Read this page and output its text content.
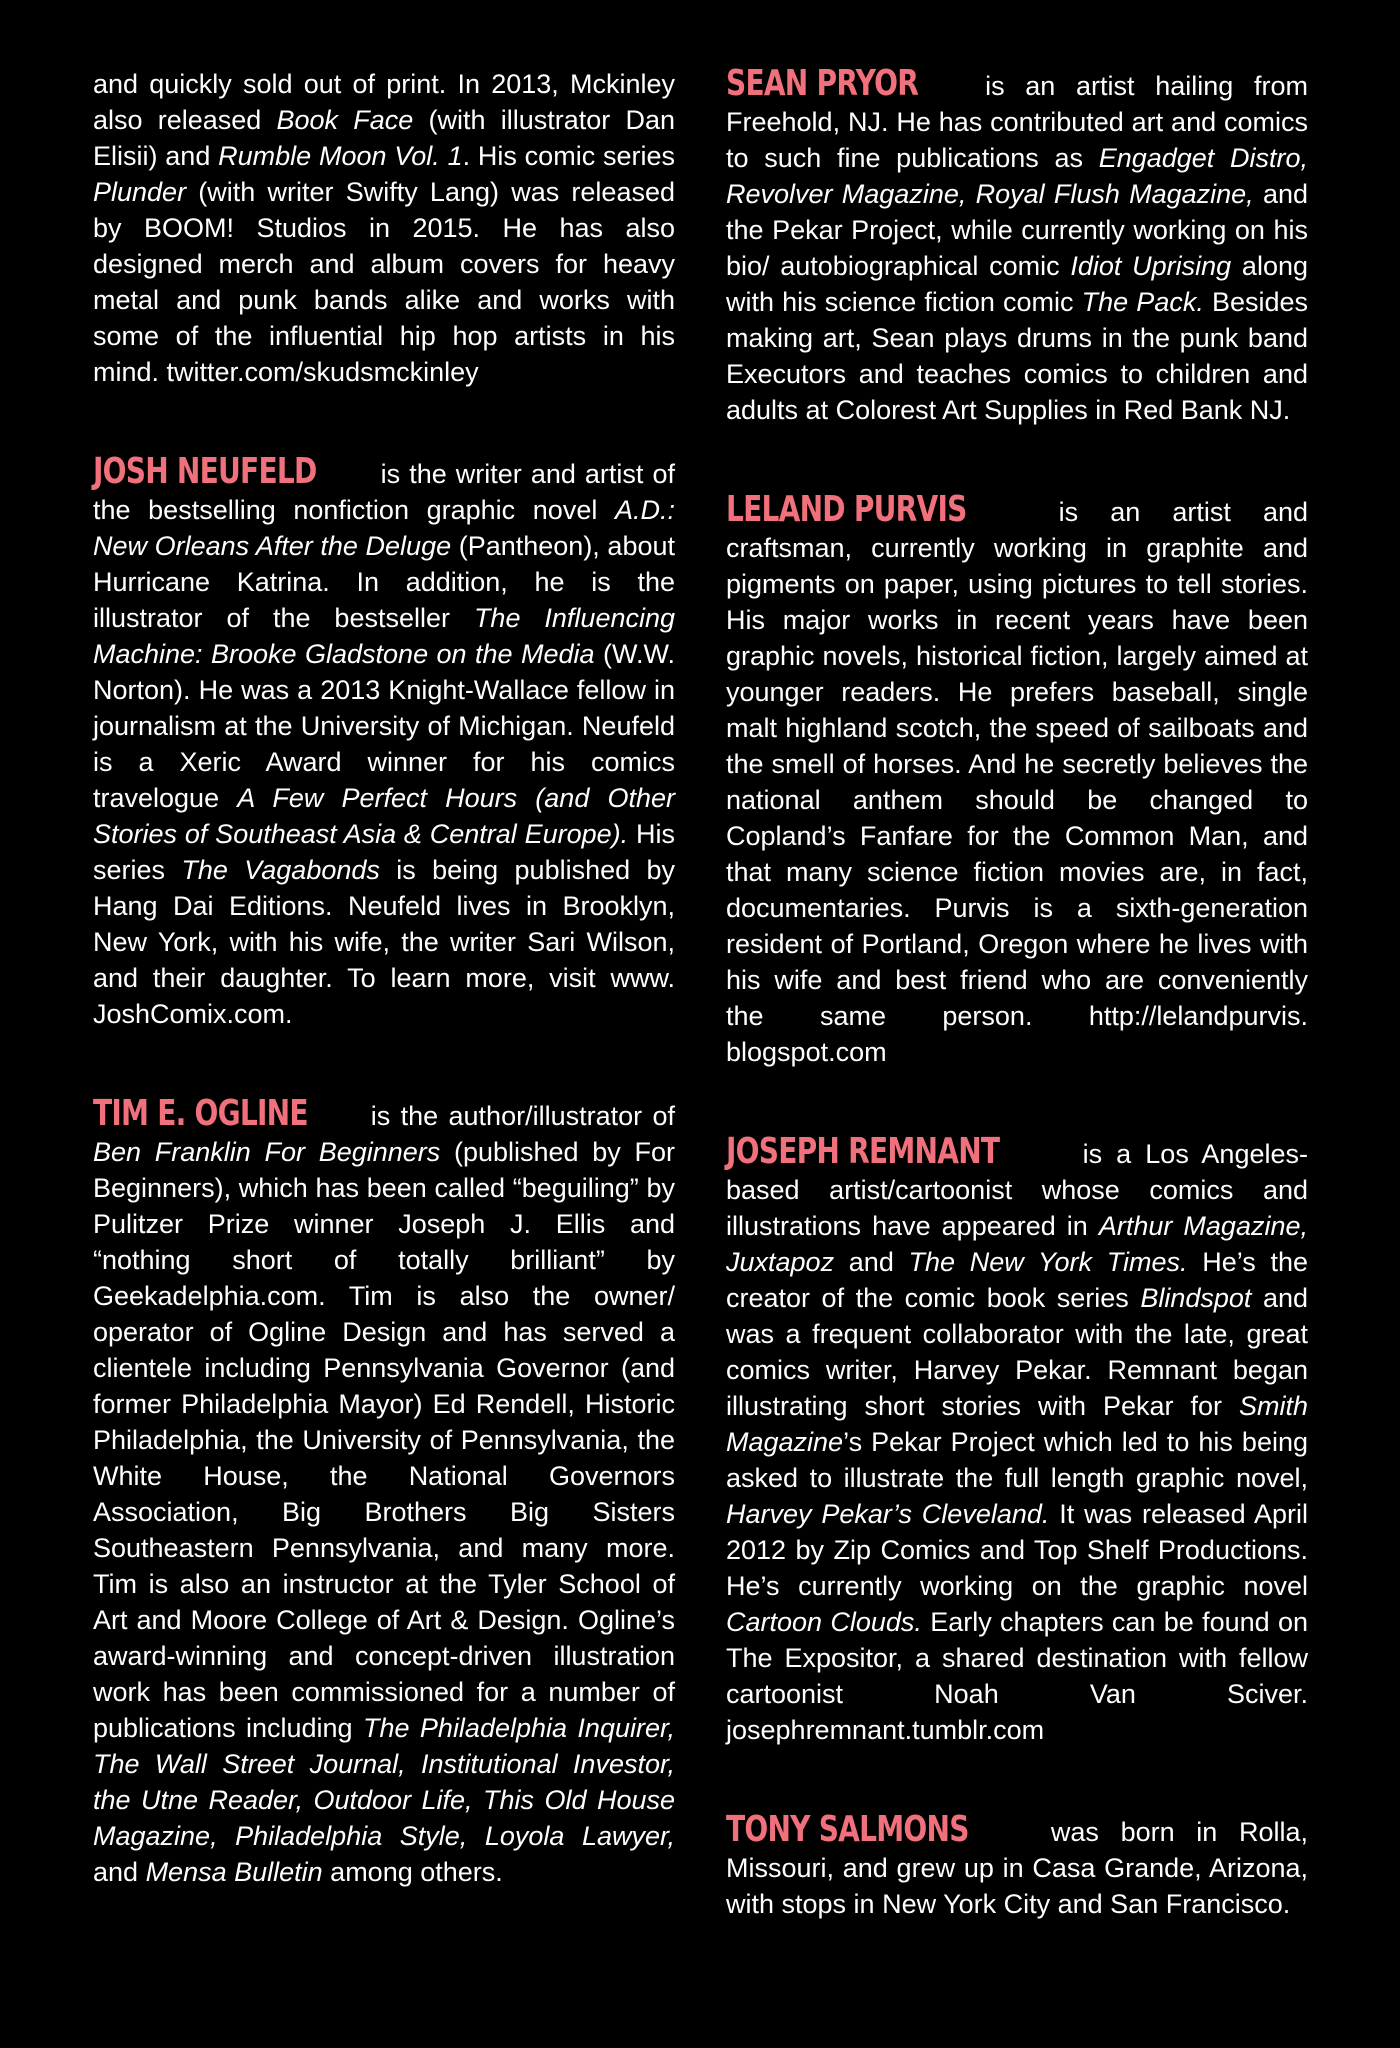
and quickly sold out of print. In 2013, Mckinley also released Book Face (with illustrator Dan Elisii) and Rumble Moon Vol. 1. His comic series Plunder (with writer Swifty Lang) was released by BOOM! Studios in 2015. He has also designed merch and album covers for heavy metal and punk bands alike and works with some of the influential hip hop artists in his mind. twitter.com/skudsmckinley

JOSH NEUFELD is the writer and artist of the bestselling nonfiction graphic novel A.D.: New Orleans After the Deluge (Pantheon), about Hurricane Katrina. In addition, he is the illustrator of the bestseller The Influencing Machine: Brooke Gladstone on the Media (W.W. Norton). He was a 2013 Knight-Wallace fellow in journalism at the University of Michigan. Neufeld is a Xeric Award winner for his comics travelogue A Few Perfect Hours (and Other Stories of Southeast Asia & Central Europe). His series The Vagabonds is being published by Hang Dai Editions. Neufeld lives in Brooklyn, New York, with his wife, the writer Sari Wilson, and their daughter. To learn more, visit www. JoshComix.com.

TIM E. OGLINE is the author/illustrator of Ben Franklin For Beginners (published by For Beginners), which has been called “beguiling” by Pulitzer Prize winner Joseph J. Ellis and “nothing short of totally brilliant” by Geekadelphia.com. Tim is also the owner/ operator of Ogline Design and has served a clientele including Pennsylvania Governor (and former Philadelphia Mayor) Ed Rendell, Historic Philadelphia, the University of Pennsylvania, the White House, the National Governors Association, Big Brothers Big Sisters Southeastern Pennsylvania, and many more. Tim is also an instructor at the Tyler School of Art and Moore College of Art & Design. Ogline’s award-winning and concept-driven illustration work has been commissioned for a number of publications including The Philadelphia Inquirer, The Wall Street Journal, Institutional Investor, the Utne Reader, Outdoor Life, This Old House Magazine, Philadelphia Style, Loyola Lawyer, and Mensa Bulletin among others.

SEAN PRYOR is an artist hailing from Freehold, NJ. He has contributed art and comics to such fine publications as Engadget Distro, Revolver Magazine, Royal Flush Magazine, and the Pekar Project, while currently working on his bio/ autobiographical comic Idiot Uprising along with his science fiction comic The Pack. Besides making art, Sean plays drums in the punk band Executors and teaches comics to children and adults at Colorest Art Supplies in Red Bank NJ.

LELAND PURVIS is an artist and craftsman, currently working in graphite and pigments on paper, using pictures to tell stories. His major works in recent years have been graphic novels, historical fiction, largely aimed at younger readers. He prefers baseball, single malt highland scotch, the speed of sailboats and the smell of horses. And he secretly believes the national anthem should be changed to Copland’s Fanfare for the Common Man, and that many science fiction movies are, in fact, documentaries. Purvis is a sixth-generation resident of Portland, Oregon where he lives with his wife and best friend who are conveniently the same person. http://lelandpurvis. blogspot.com

JOSEPH REMNANT	is a Los Angeles-based artist/cartoonist whose comics and illustrations have appeared in Arthur Magazine, Juxtapoz and The New York Times. He’s the creator of the comic book series Blindspot and was a frequent collaborator with the late, great comics writer, Harvey Pekar. Remnant began illustrating short stories with Pekar for Smith Magazine’s Pekar Project which led to his being asked to illustrate the full length graphic novel, Harvey Pekar’s Cleveland. It was released April 2012 by Zip Comics and Top Shelf Productions. He’s currently working on the graphic novel Cartoon Clouds. Early chapters can be found on The Expositor, a shared destination with fellow cartoonist Noah Van Sciver. josephremnant.tumblr.com

TONY SALMONS was born in Rolla, Missouri, and grew up in Casa Grande, Arizona, with stops in New York City and San Francisco.
